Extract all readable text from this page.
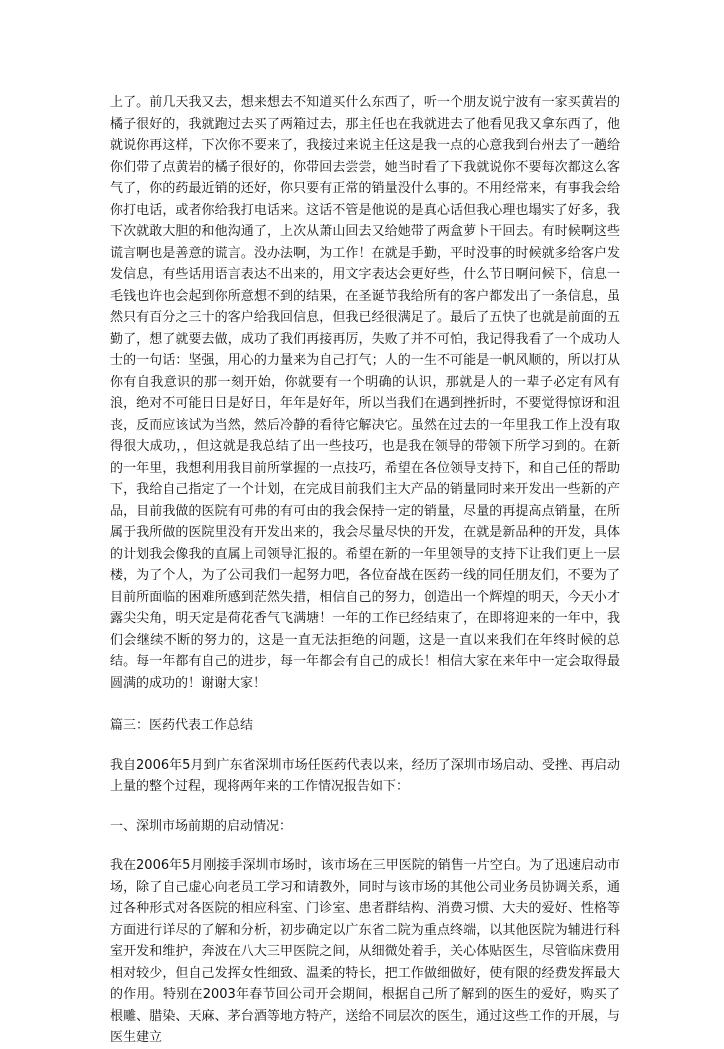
上了。前几天我又去，想来想去不知道买什么东西了，听一个朋友说宁波有一家买黄岩的橘子很好的，我就跑过去买了两箱过去，那主任也在我就进去了他看见我又拿东西了，他就说你再这样，下次你不要来了，我接过来说主任这是我一点的心意我到台州去了一趟给你们带了点黄岩的橘子很好的，你带回去尝尝，她当时看了下我就说你不要每次都这么客气了，你的药最近销的还好，你只要有正常的销量没什么事的。不用经常来，有事我会给你打电话，或者你给我打电话来。这话不管是他说的是真心话但我心理也塌实了好多，我下次就敢大胆的和他沟通了，上次从萧山回去又给她带了两盒萝卜干回去。有时候啊这些谎言啊也是善意的谎言。没办法啊，为工作！在就是手勤，平时没事的时候就多给客户发发信息，有些话用语言表达不出来的，用文字表达会更好些，什么节日啊问候下，信息一毛钱也许也会起到你所意想不到的结果，在圣诞节我给所有的客户都发出了一条信息，虽然只有百分之三十的客户给我回信息，但我已经很满足了。最后了五快了也就是前面的五勤了，想了就要去做，成功了我们再接再厉，失败了并不可怕，我记得我看了一个成功人士的一句话：坚强，用心的力量来为自己打气；人的一生不可能是一帆风顺的，所以打从你有自我意识的那一刻开始，你就要有一个明确的认识，那就是人的一辈子必定有风有浪，绝对不可能日日是好日，年年是好年，所以当我们在遇到挫折时，不要觉得惊讶和沮丧，反而应该试为当然，然后冷静的看待它解决它。虽然在过去的一年里我工作上没有取得很大成功，，但这就是我总结了出一些技巧，也是我在领导的带领下所学习到的。在新的一年里，我想利用我目前所掌握的一点技巧，希望在各位领导支持下，和自己任的帮助下，我给自己指定了一个计划，在完成目前我们主大产品的销量同时来开发出一些新的产品，目前我做的医院有可弗的有可由的我会保持一定的销量，尽量的再提高点销量，在所属于我所做的医院里没有开发出来的，我会尽量尽快的开发，在就是新品种的开发，具体的计划我会像我的直属上司领导汇报的。希望在新的一年里领导的支持下让我们更上一层楼，为了个人，为了公司我们一起努力吧，各位奋战在医药一线的同任朋友们，不要为了目前所面临的困难所感到茫然失措，相信自己的努力，创造出一个辉煌的明天，今天小才露尖尖角，明天定是荷花香气飞满塘！一年的工作已经结束了，在即将迎来的一年中，我们会继续不断的努力的，这是一直无法拒绝的问题，这是一直以来我们在年终时候的总结。每一年都有自己的进步，每一年都会有自己的成长！相信大家在来年中一定会取得最圆满的成功的！谢谢大家！

篇三：医药代表工作总结

我自2006年5月到广东省深圳市场任医药代表以来，经历了深圳市场启动、受挫、再启动上量的整个过程，现将两年来的工作情况报告如下：

一、深圳市场前期的启动情况：

我在2006年5月刚接手深圳市场时，该市场在三甲医院的销售一片空白。为了迅速启动市场，除了自己虚心向老员工学习和请教外，同时与该市场的其他公司业务员协调关系，通过各种形式对各医院的相应科室、门诊室、患者群结构、消费习惯、大夫的爱好、性格等方面进行详尽的了解和分析，初步确定以广东省二院为重点终端，以其他医院为辅进行科室开发和维护，奔波在八大三甲医院之间，从细微处着手，关心体贴医生，尽管临床费用相对较少，但自己发挥女性细致、温柔的特长，把工作做细做好，使有限的经费发挥最大的作用。特别在2003年春节回公司开会期间，根据自己所了解到的医生的爱好，购买了根雕、腊染、天麻、茅台酒等地方特产，送给不同层次的医生，通过这些工作的开展，与医生建立
